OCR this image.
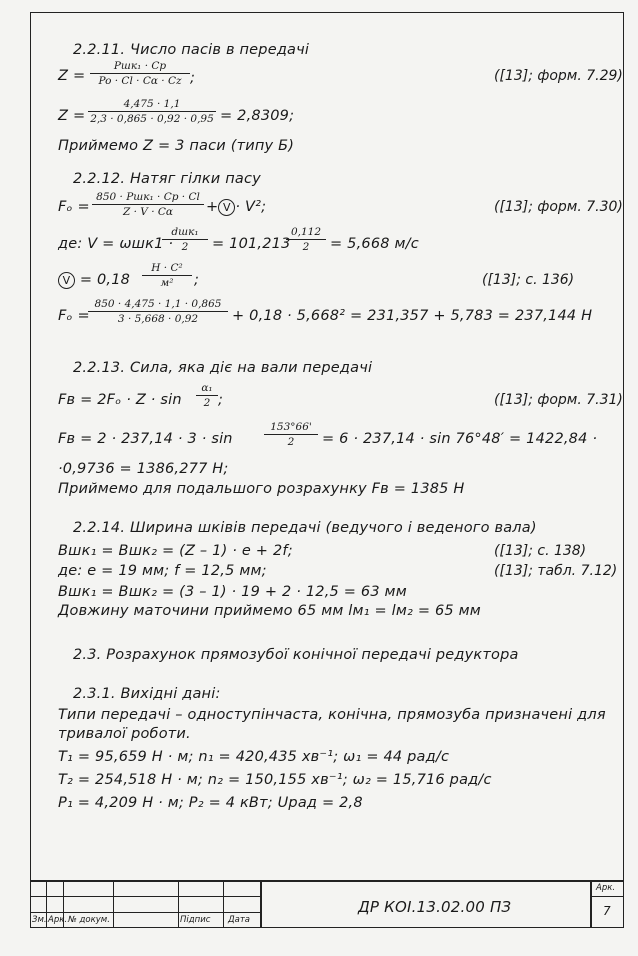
2.2.11. Число пасів в передачі
Z =
Pшк₁ · Cp
Po · Cl · Cα · Cz ;	([13]; форм. 7.29)
$Z = \frac{4,475 \cdot 1,1}{2,3 \cdot 0,865 \cdot 0,92 \cdot 0,95} = 2,8309$;
Приймемо Z = 3 паси (типу Б)
2.2.12. Натяг гілки пасу
Fₒ =
850 · Pшк₁ · Cp · Cl
Z · V · Cα	+ V · V²;	([13]; форм. 7.30)
де: V = ωшк1 ·
dшк₁
2	= 101,213
$\frac{0,112}{2} = 5,668$ м/с
V = 0,18
H · C²
м²	;	([13]; с. 136)
Fₒ =
$\frac{850 \cdot 4,475 \cdot 1,1 \cdot 0,865}{3 \cdot 5,668 \cdot 0,92} + 0,18 \cdot 5,668^2 = 231,357 + 5,783 = 237,144$ Н
2.2.13. Сила, яка діє на вали передачі
Fв = $2F_o \cdot Z \cdot \sin \frac{\text{α₁}}{2}$ ;	([13]; форм. 7.31)
Fв = 2 · 237,14 · 3 · sin	$\frac{153^\circ 66'}{2} = 6 \cdot 237,14 \cdot \sin 76^\circ 48' = 1422,84$ ·
·0,9736 = 1386,277 Н;
Приймемо для подальшого розрахунку Fв = 1385 Н
2.2.14. Ширина шківів передачі (ведучого і веденого вала)
Вшк₁ = Вшк₂ = (Z – 1) · e + 2f;	([13]; с. 138)
де: e = 19 мм; f = 12,5 мм;	([13]; табл. 7.12)
Вшк₁ = Вшк₂ = (3 – 1) · 19 + 2 · 12,5 = 63 мм
Довжину маточини приймемо 65 мм lм₁ = lм₂ = 65 мм
2.3. Розрахунок прямозубої конічної передачі редуктора
2.3.1. Вихідні дані:
Типи передачі – одноступінчаста, конічна, прямозуба призначені для
тривалої роботи.
T₁ = 95,659 Н · м; n₁ = 420,435 хв⁻¹; ω₁ = 44 рад/с
T₂ = 254,518 Н · м; n₂ = 150,155 хв⁻¹; ω₂ = 15,716 рад/с
P₁ = 4,209 Н · м; P₂ = 4 кВт; Uрад = 2,8
Зм. Арк. № докум.	Підпис Дата
ДР КОІ.13.02.00 ПЗ
Арк.
7
